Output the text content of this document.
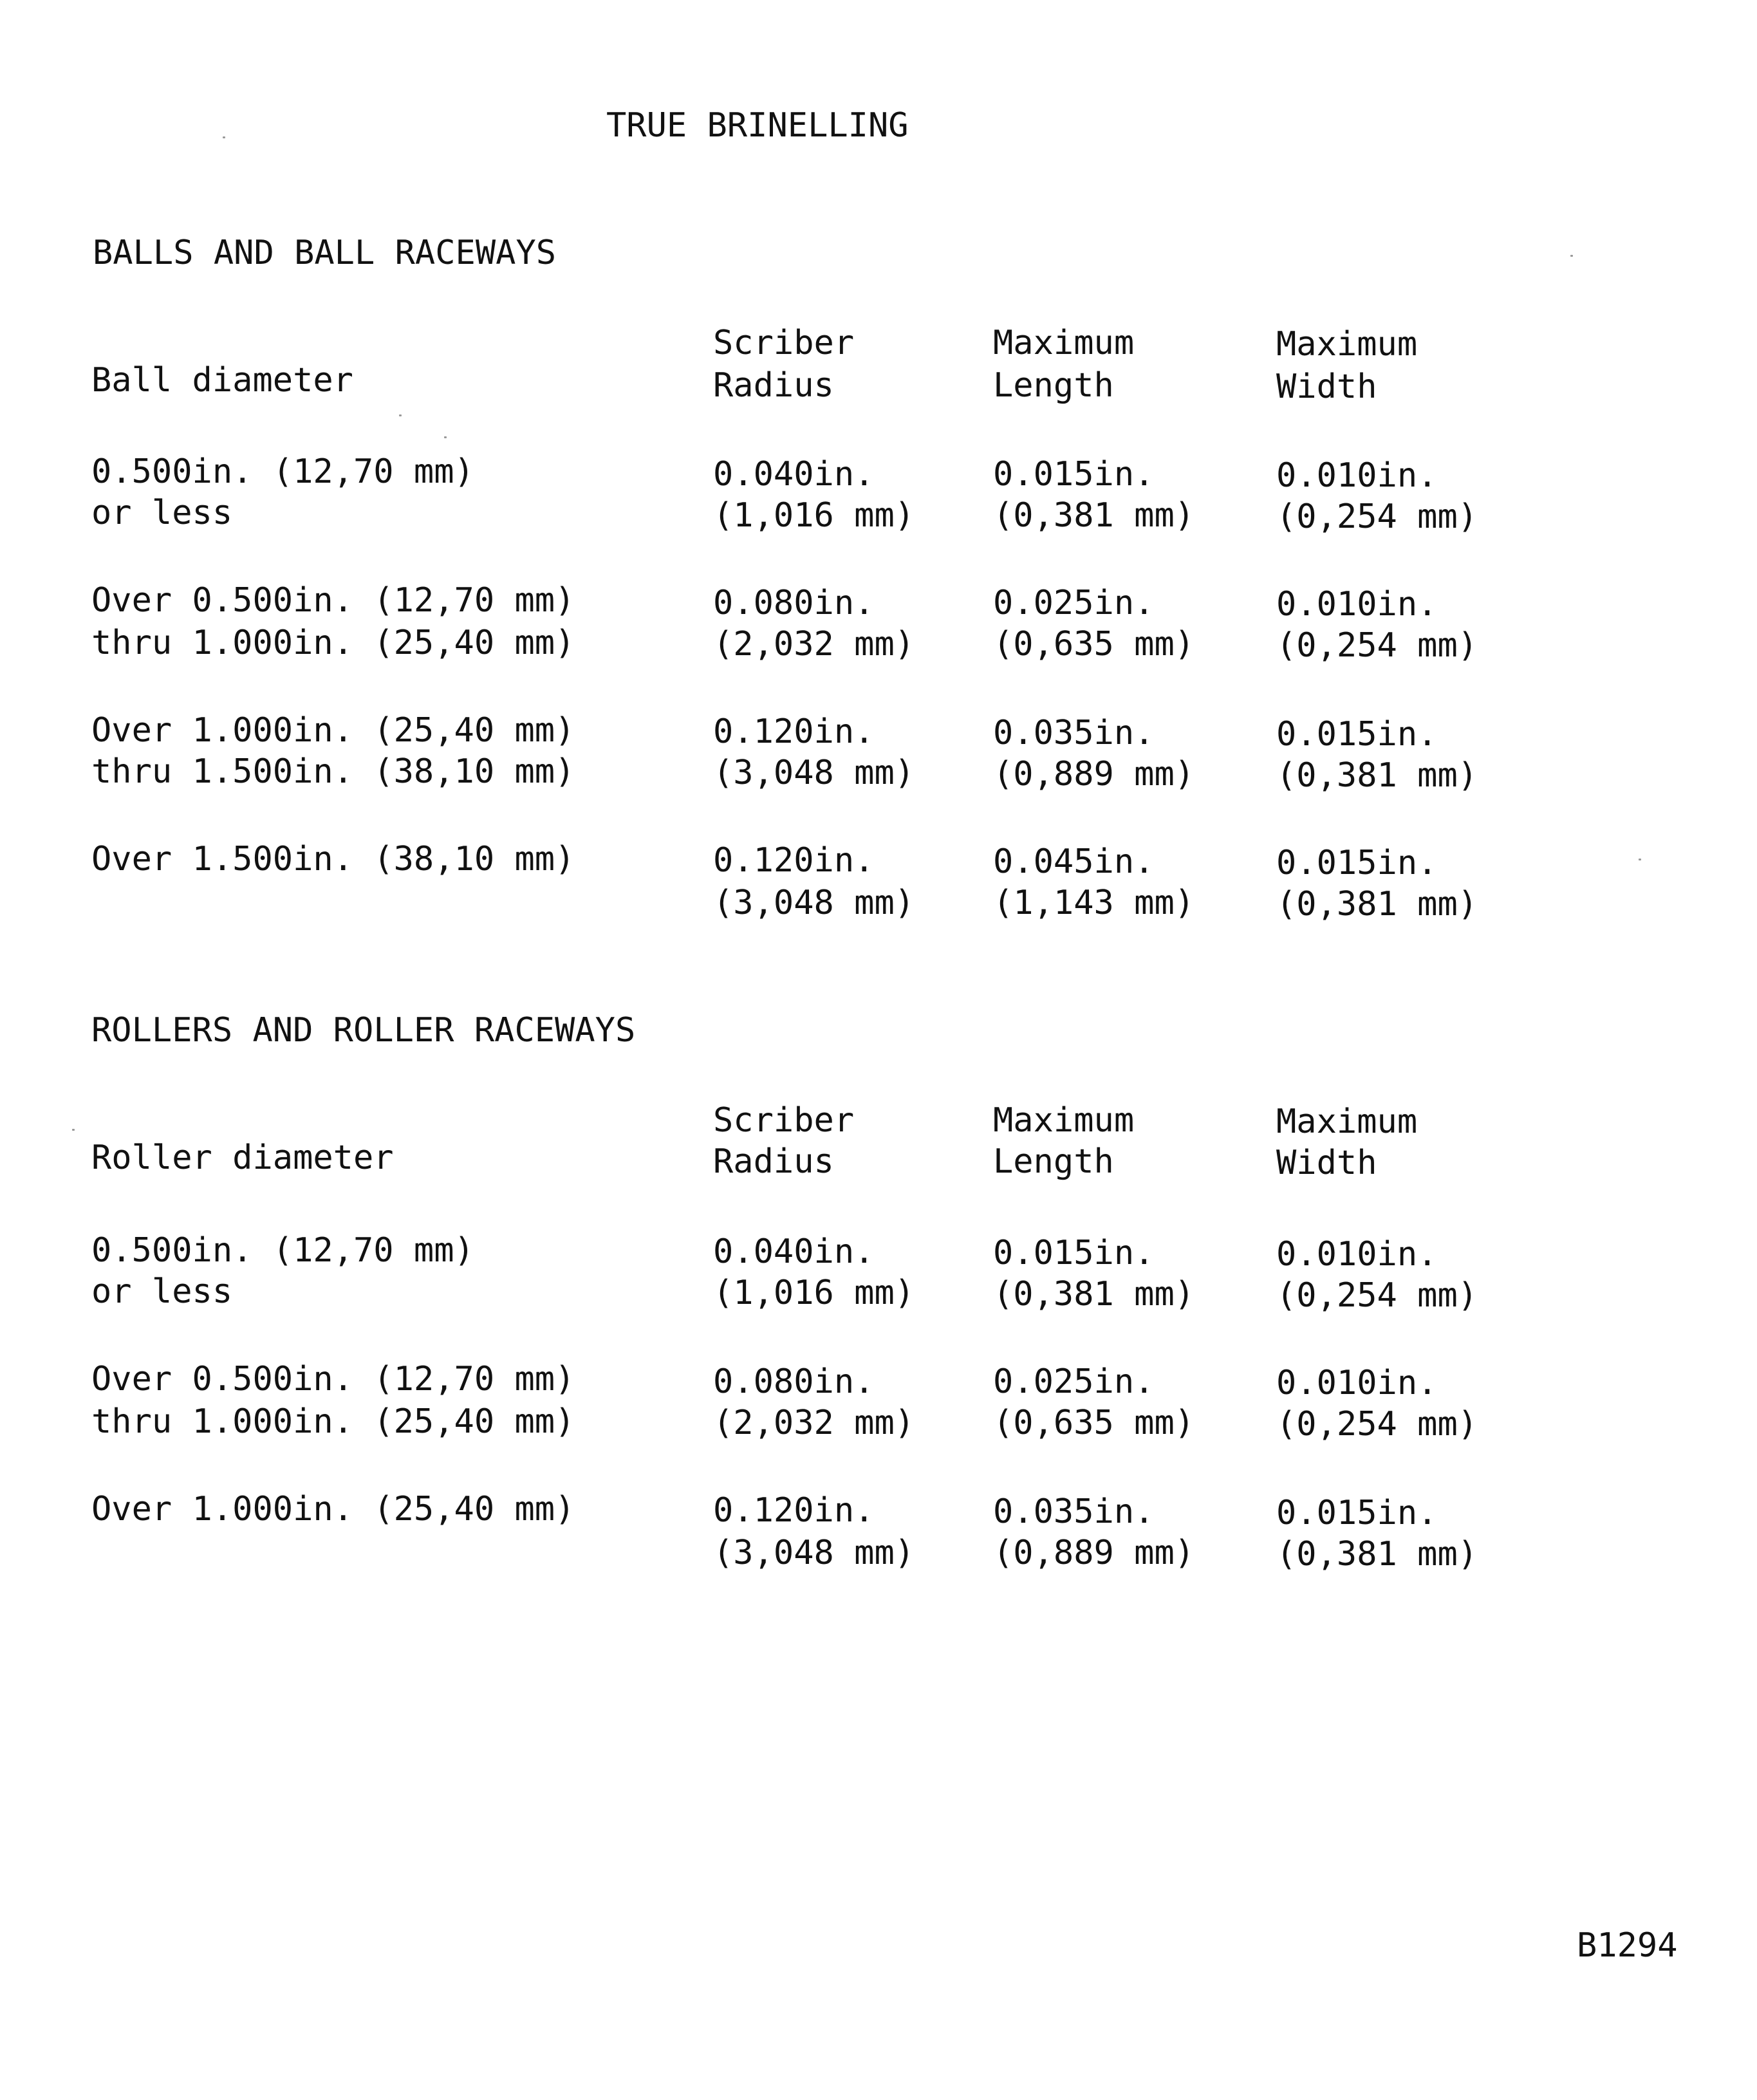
TRUE BRINELLING
BALLS AND BALL RACEWAYS
Ball diameter
Scriber
Radius
Maximum
Length
Maximum
Width
0.500in. (12,70 mm)
or less
0.040in.
(1,016 mm)
0.015in.
(0,381 mm)
0.010in.
(0,254 mm)
Over 0.500in. (12,70 mm)
thru 1.000in. (25,40 mm)
0.080in.
(2,032 mm)
0.025in.
(0,635 mm)
0.010in.
(0,254 mm)
Over 1.000in. (25,40 mm)
thru 1.500in. (38,10 mm)
0.120in.
(3,048 mm)
0.035in.
(0,889 mm)
0.015in.
(0,381 mm)
Over 1.500in. (38,10 mm)	0.120in.
(3,048 mm)
0.045in.
(1,143 mm)
0.015in.
(0,381 mm)
ROLLERS AND ROLLER RACEWAYS
Roller diameter
Scriber
Radius
Maximum
Length
Maximum
Width
0.500in. (12,70 mm)
or less
0.040in.
(1,016 mm)
0.015in.
(0,381 mm)
0.010in.
(0,254 mm)
Over 0.500in. (12,70 mm)
thru 1.000in. (25,40 mm)
0.080in.
(2,032 mm)
0.025in.
(0,635 mm)
0.010in.
(0,254 mm)
Over 1.000in. (25,40 mm)	0.120in.
(3,048 mm)
0.035in.
(0,889 mm)
0.015in.
(0,381 mm)
B1294
